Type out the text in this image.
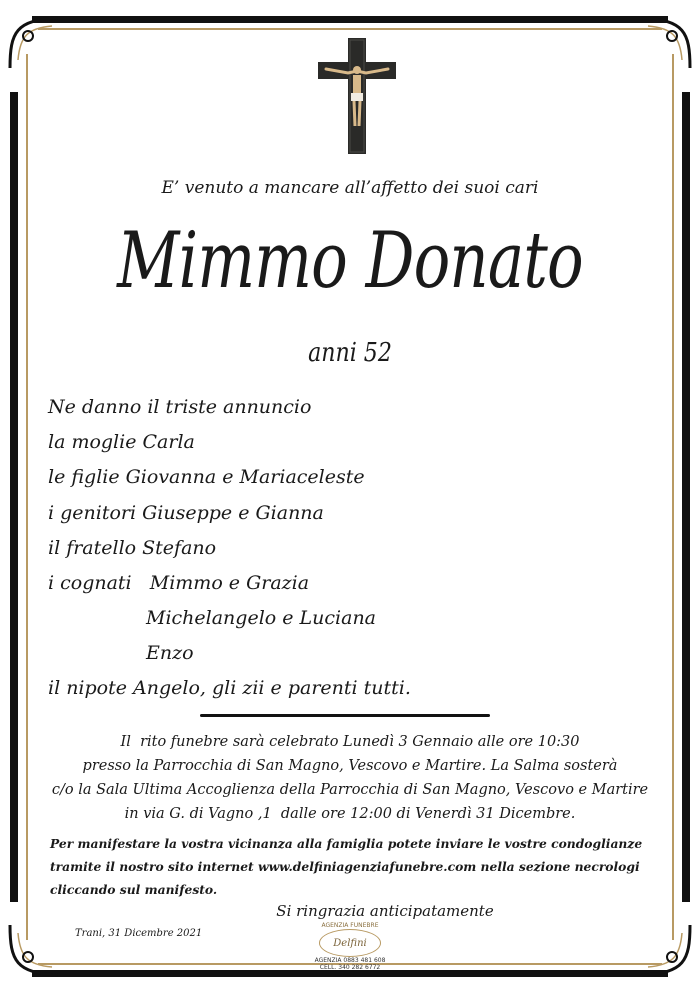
E’ venuto a mancare all’affetto dei suoi cari
Mimmo Donato
anni 52
Ne danno il triste annuncio
la moglie Carla
le figlie Giovanna e Mariaceleste
i genitori Giuseppe e Gianna
il fratello Stefano
i cognati   Mimmo e Grazia
Michelangelo e Luciana
Enzo
il nipote Angelo, gli zii e parenti tutti.
Il  rito funebre sarà celebrato Lunedì 3 Gennaio alle ore 10:30
presso la Parrocchia di San Magno, Vescovo e Martire. La Salma sosterà
c/o la Sala Ultima Accoglienza della Parrocchia di San Magno, Vescovo e Martire
in via G. di Vagno ,1  dalle ore 12:00 di Venerdì 31 Dicembre.
Per manifestare la vostra vicinanza alla famiglia potete inviare le vostre condoglianze
tramite il nostro sito internet www.delfiniagenziafunebre.com nella sezione necrologi
cliccando sul manifesto.
Si ringrazia anticipatamente
Trani, 31 Dicembre 2021
AGENZIA FUNEBRE
Delfini
AGENZIA 0883 481 608
CELL. 340 282 6772
